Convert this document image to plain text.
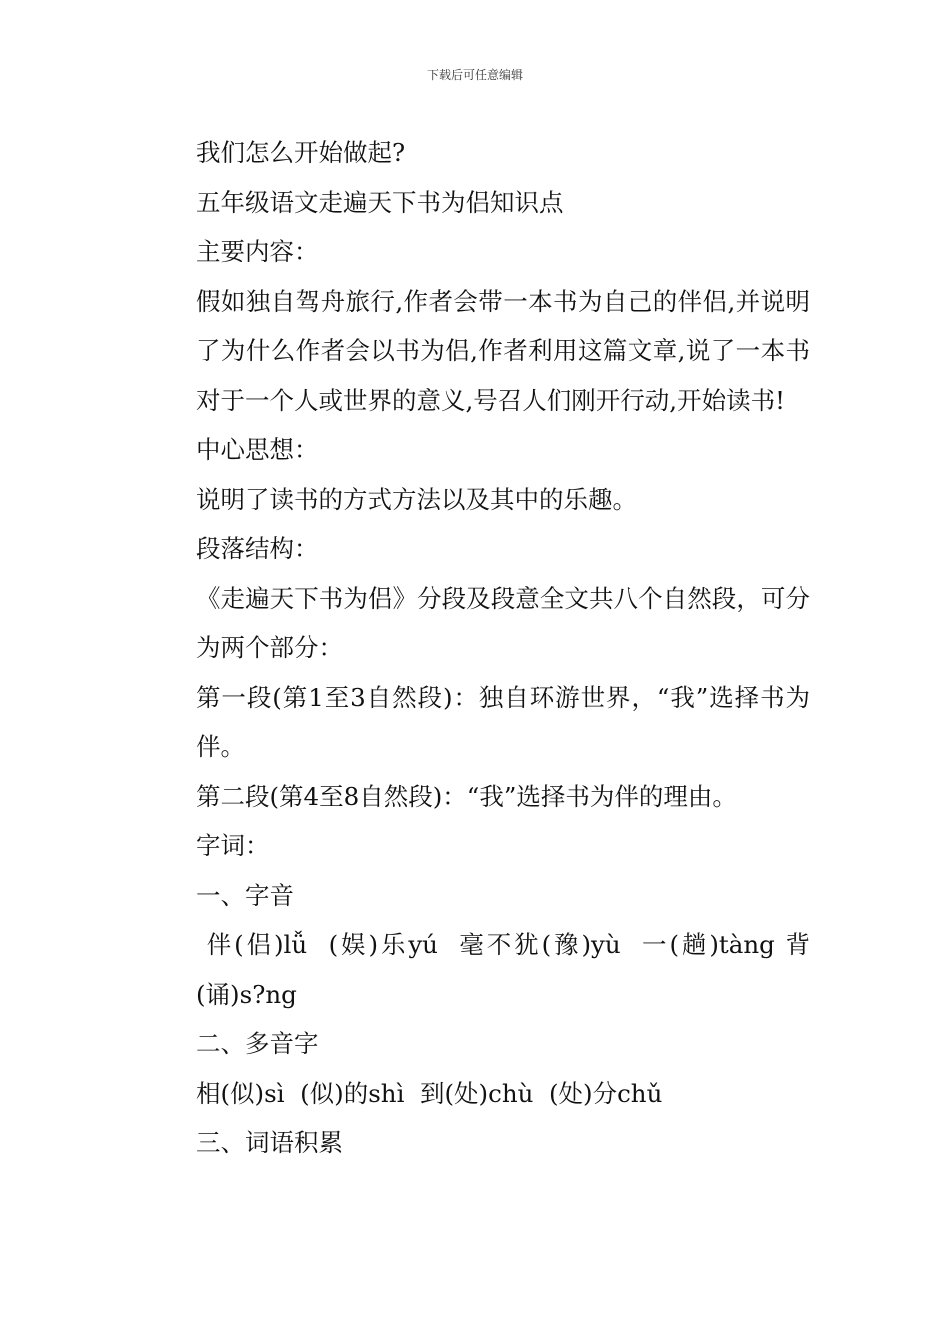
下载后可任意编辑

我们怎么开始做起?

五年级语文走遍天下书为侣知识点

主要内容：

假如独自驾舟旅行,作者会带一本书为自己的伴侣,并说明了为什么作者会以书为侣,作者利用这篇文章,说了一本书对于一个人或世界的意义,号召人们刚开行动,开始读书!

中心思想：

说明了读书的方式方法以及其中的乐趣。

段落结构：

《走遍天下书为侣》分段及段意全文共八个自然段，可分为两个部分：

第一段(第1至3自然段)：独自环游世界，“我”选择书为伴。

第二段(第4至8自然段)：“我”选择书为伴的理由。

字词：

一、字音

伴(侣)lǚ  (娱)乐yú  毫不犹(豫)yù  一(趟)tàng 背(诵)s?ng

二、多音字

相(似)sì  (似)的shì  到(处)chù  (处)分chǔ

三、词语积累
